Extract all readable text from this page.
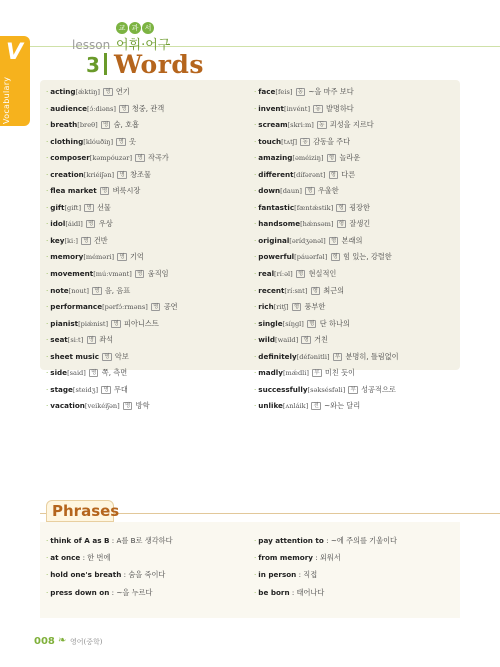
V
Vocabulary
lesson
3
교 과 서
어휘·어구
Words
· acting[ǽktiŋ] 명 연기
· audience[ɔ́ːdiəns] 명 청중, 관객
· breath[breθ] 명 숨, 호흡
· clothing[klóuðiŋ] 명 옷
· composer[kəmpóuzər] 명 작곡가
· creation[kriéiʃən] 명 창조물
· flea market 명 벼룩시장
· gift[gift] 명 선물
· idol[áidl] 명 우상
· key[kiː] 명 건반
· memory[méməri] 명 기억
· movement[múːvmənt] 명 움직임
· note[nout] 명 음, 음표
· performance[pərfɔ́ːrməns] 명 공연
· pianist[piǽnist] 명 피아니스트
· seat[siːt] 명 좌석
· sheet music 명 악보
· side[said] 명 쪽, 측면
· stage[steidʒ] 명 무대
· vacation[veikéiʃən] 명 방학
· face[feis] 동 ~을 마주 보다
· invent[invént] 동 발명하다
· scream[skriːm] 동 괴성을 지르다
· touch[tʌtʃ] 동 감동을 주다
· amazing[əméiziŋ] 형 놀라운
· different[dífərənt] 형 다른
· down[daun] 형 우울한
· fantastic[fæntǽstik] 형 굉장한
· handsome[hǽnsəm] 형 잘생긴
· original[ərídʒənəl] 형 본래의
· powerful[páuərfəl] 형 힘 있는, 강렬한
· real[ríːəl] 형 현실적인
· recent[ríːsnt] 형 최근의
· rich[ritʃ] 형 풍부한
· single[síŋgl] 형 단 하나의
· wild[waild] 형 거친
· definitely[défənitli] 부 분명히, 틀림없이
· madly[mǽdli] 부 미친 듯이
· successfully[səksésfəli] 부 성공적으로
· unlike[ʌnláik] 전 ~와는 달리
Phrases
· think of A as B : A를 B로 생각하다
· at once : 한 번에
· hold one's breath : 숨을 죽이다
· press down on : ~을 누르다
· pay attention to : ~에 주의를 기울이다
· from memory : 외워서
· in person : 직접
· be born : 태어나다
008 ❧ 영어(중학)
